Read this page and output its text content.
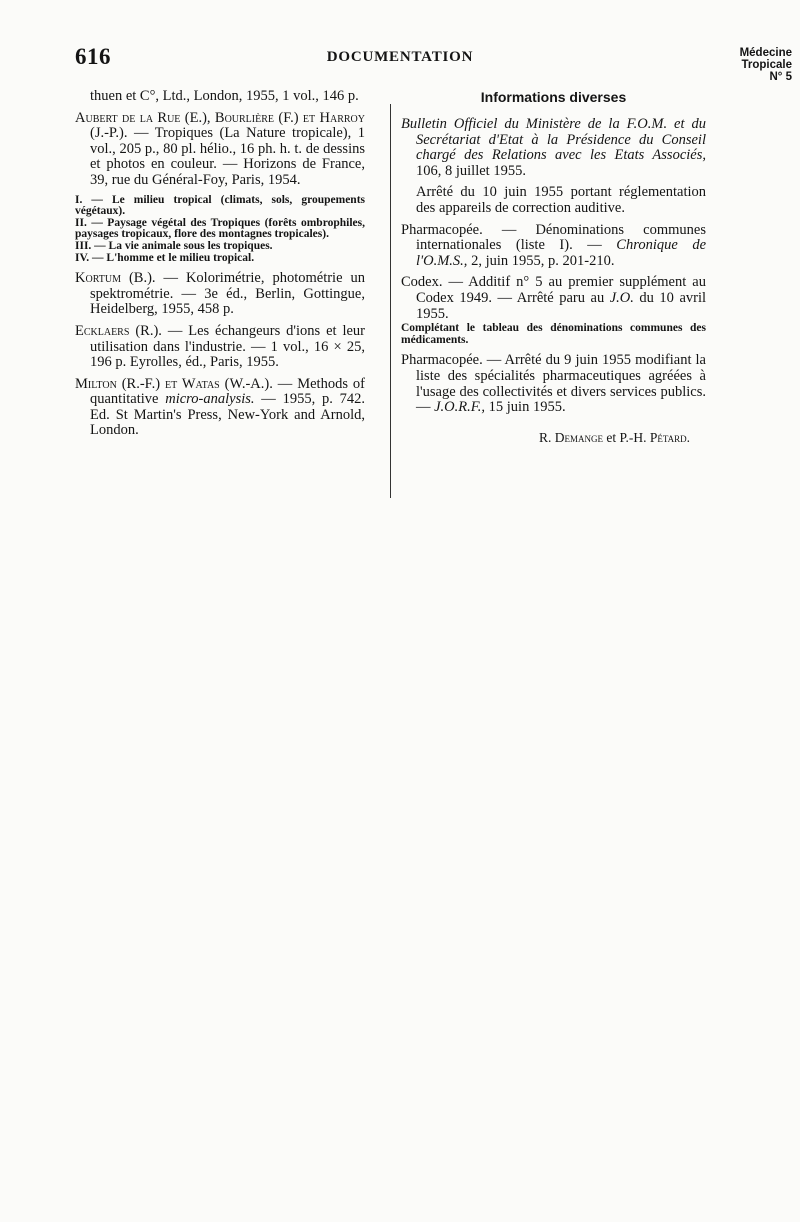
616	DOCUMENTATION	Médecine
Tropicale
N° 5

thuen et C°, Ltd., London, 1955, 1 vol., 146 p.

Aubert de la Rue (E.), Bourlière (F.) et Harroy (J.-P.). — Tropiques (La Nature tropicale), 1 vol., 205 p., 80 pl. hélio., 16 ph. h. t. de dessins et photos en couleur. — Horizons de France, 39, rue du Général-Foy, Paris, 1954.

I. — Le milieu tropical (climats, sols, groupements végétaux).

II. — Paysage végétal des Tropiques (forêts ombrophiles, paysages tropicaux, flore des montagnes tropicales).

III. — La vie animale sous les tropiques.

IV. — L'homme et le milieu tropical.

Kortum (B.). — Kolorimétrie, photométrie un spektrométrie. — 3e éd., Berlin, Gottingue, Heidelberg, 1955, 458 p.

Ecklaers (R.). — Les échangeurs d'ions et leur utilisation dans l'industrie. — 1 vol., 16 × 25, 196 p. Eyrolles, éd., Paris, 1955.

Milton (R.-F.) et Watas (W.-A.). — Methods of quantitative micro-analysis. — 1955, p. 742. Ed. St Martin's Press, New-York and Arnold, London.

Informations diverses

Bulletin Officiel du Ministère de la F.O.M. et du Secrétariat d'Etat à la Présidence du Conseil chargé des Relations avec les Etats Associés, 106, 8 juillet 1955.

Arrêté du 10 juin 1955 portant réglementation des appareils de correction auditive.

Pharmacopée. — Dénominations communes internationales (liste I). — Chronique de l'O.M.S., 2, juin 1955, p. 201-210.

Codex. — Additif n° 5 au premier supplément au Codex 1949. — Arrêté paru au J.O. du 10 avril 1955.

Complétant le tableau des dénominations communes des médicaments.

Pharmacopée. — Arrêté du 9 juin 1955 modifiant la liste des spécialités pharmaceutiques agréées à l'usage des collectivités et divers services publics. — J.O.R.F., 15 juin 1955.

R. Demange et P.-H. Pétard.
